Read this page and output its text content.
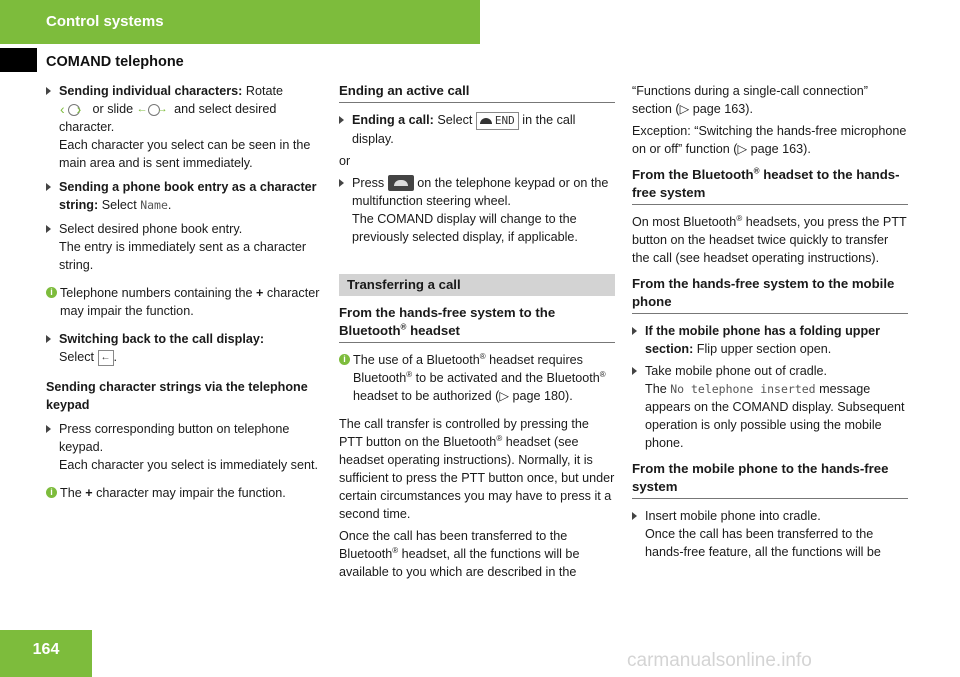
Control systems
COMAND telephone
Sending individual characters: Rotate
‹› or slide ← →	and select desired character.
Each character you select can be seen in the main area and is sent immediately.
Sending a phone book entry as a character string: Select Name.
Select desired phone book entry.
The entry is immediately sent as a character string.
i Telephone numbers containing the + character may impair the function.
Switching back to the call display:
Select ← .
Sending character strings via the telephone keypad
Press corresponding button on telephone keypad.
Each character you select is immediately sent.
i The + character may impair the function.
Ending an active call
Ending a call: Select END in the call display.
or
Press	on the telephone keypad or on the multifunction steering wheel.
The COMAND display will change to the previously selected display, if applicable.
Transferring a call
From the hands-free system to the Bluetooth® headset
i The use of a Bluetooth® headset requires Bluetooth® to be activated and the Bluetooth® headset to be authorized (▷ page 180).
The call transfer is controlled by pressing the PTT button on the Bluetooth® headset (see headset operating instructions). Normally, it is sufficient to press the PTT button once, but under certain circumstances you may have to press it a second time.
Once the call has been transferred to the Bluetooth® headset, all the functions will be available to you which are described in the
“Functions during a single-call connection” section (▷ page 163).
Exception: “Switching the hands-free microphone on or off” function (▷ page 163).
From the Bluetooth® headset to the hands-free system
On most Bluetooth® headsets, you press the PTT button on the headset twice quickly to transfer the call (see headset operating instructions).
From the hands-free system to the mobile phone
If the mobile phone has a folding upper section: Flip upper section open.
Take mobile phone out of cradle.
The No telephone inserted message appears on the COMAND display. Subsequent operation is only possible using the mobile phone.
From the mobile phone to the hands-free system
Insert mobile phone into cradle.
Once the call has been transferred to the hands-free feature, all the functions will be
164
carmanualsonline.info
